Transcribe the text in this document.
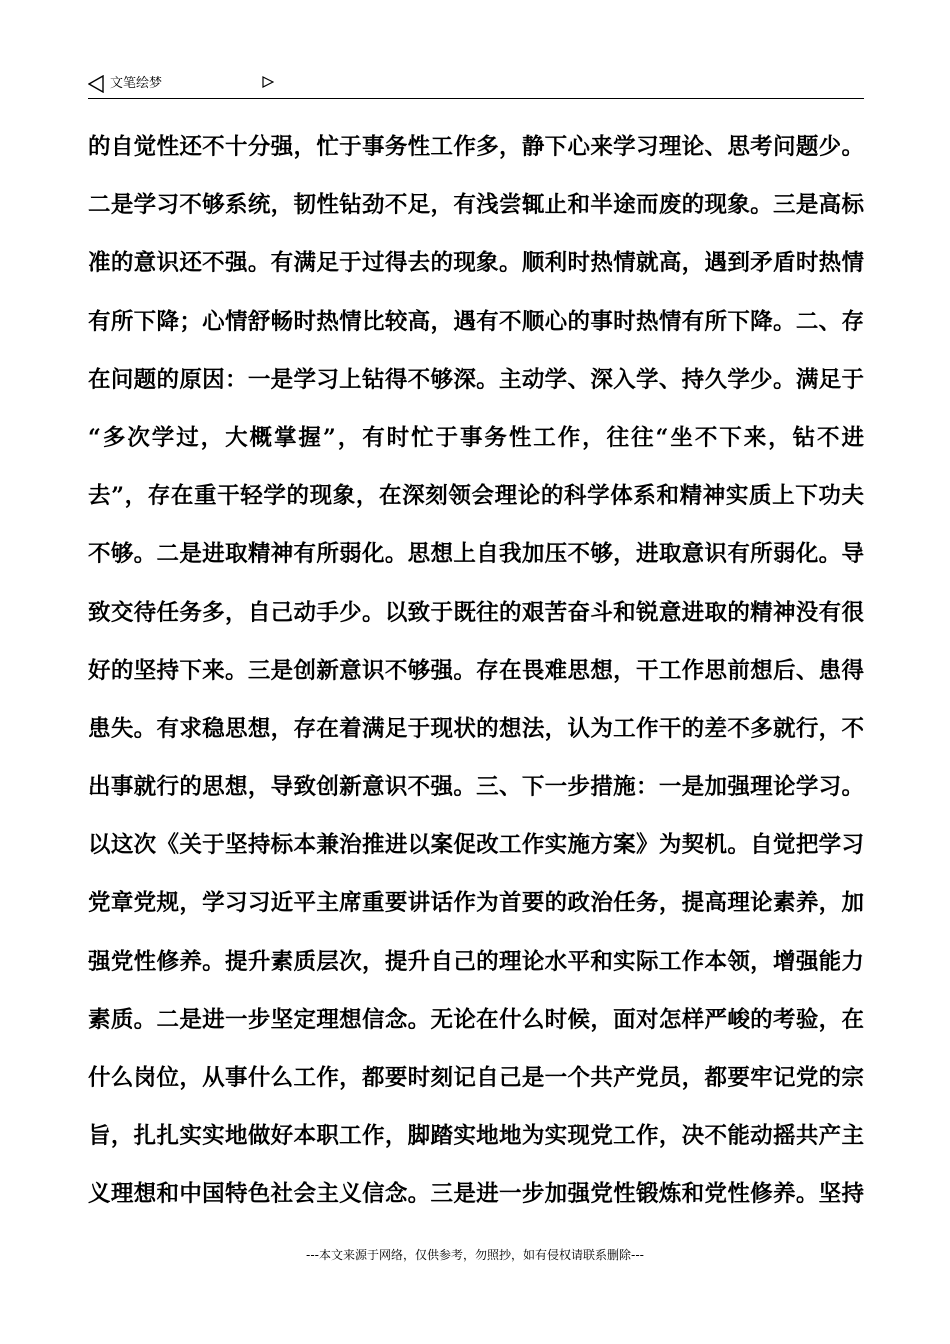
文笔绘梦
的自觉性还不十分强，忙于事务性工作多，静下心来学习理论、思考问题少。
二是学习不够系统，韧性钻劲不足，有浅尝辄止和半途而废的现象。三是高标
准的意识还不强。有满足于过得去的现象。顺利时热情就高，遇到矛盾时热情
有所下降；心情舒畅时热情比较高，遇有不顺心的事时热情有所下降。二、存
在问题的原因：一是学习上钻得不够深。主动学、深入学、持久学少。满足于
“多次学过，大概掌握”，有时忙于事务性工作，往往“坐不下来，钻不进
去”，存在重干轻学的现象，在深刻领会理论的科学体系和精神实质上下功夫
不够。二是进取精神有所弱化。思想上自我加压不够，进取意识有所弱化。导
致交待任务多，自己动手少。以致于既往的艰苦奋斗和锐意进取的精神没有很
好的坚持下来。三是创新意识不够强。存在畏难思想，干工作思前想后、患得
患失。有求稳思想，存在着满足于现状的想法，认为工作干的差不多就行，不
出事就行的思想，导致创新意识不强。三、下一步措施：一是加强理论学习。
以这次《关于坚持标本兼治推进以案促改工作实施方案》为契机。自觉把学习
党章党规，学习习近平主席重要讲话作为首要的政治任务，提高理论素养，加
强党性修养。提升素质层次，提升自己的理论水平和实际工作本领，增强能力
素质。二是进一步坚定理想信念。无论在什么时候，面对怎样严峻的考验，在
什么岗位，从事什么工作，都要时刻记自己是一个共产党员，都要牢记党的宗
旨，扎扎实实地做好本职工作，脚踏实地地为实现党工作，决不能动摇共产主
义理想和中国特色社会主义信念。三是进一步加强党性锻炼和党性修养。坚持
---本文来源于网络，仅供参考，勿照抄，如有侵权请联系删除---
